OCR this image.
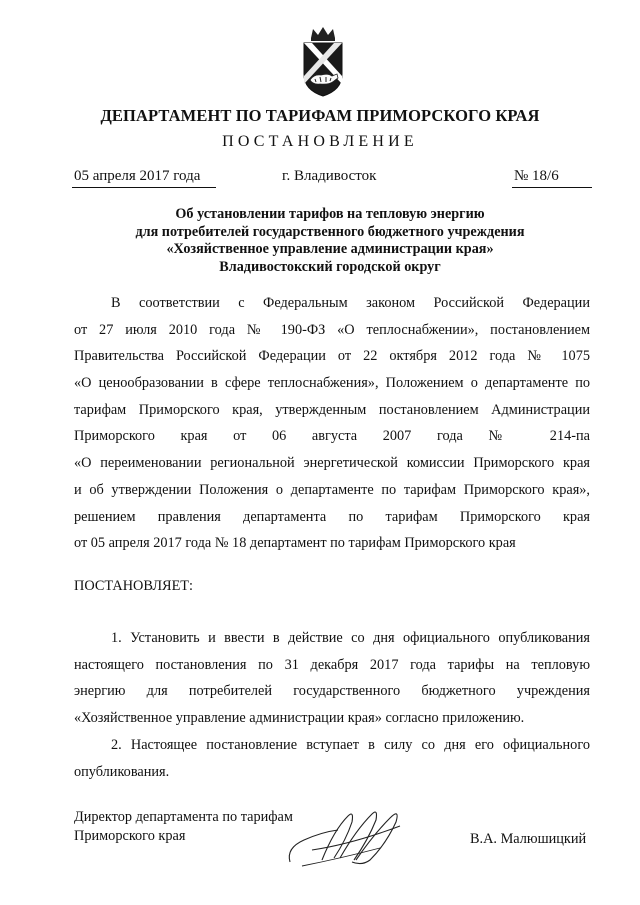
ДЕПАРТАМЕНТ ПО ТАРИФАМ ПРИМОРСКОГО КРАЯ
ПОСТАНОВЛЕНИЕ
05 апреля 2017 года	г. Владивосток	№ 18/6
Об установлении тарифов на тепловую энергию
для потребителей государственного бюджетного учреждения
«Хозяйственное управление администрации края»
Владивостокский городской округ
В соответствии с Федеральным законом Российской Федерации
от 27 июля 2010 года № 190-ФЗ «О теплоснабжении», постановлением
Правительства Российской Федерации от 22 октября 2012 года № 1075
«О ценообразовании в сфере теплоснабжения», Положением о департаменте по
тарифам Приморского края, утвержденным постановлением Администрации
Приморского края от 06 августа 2007 года № 214-па
«О переименовании региональной энергетической комиссии Приморского края
и об утверждении Положения о департаменте по тарифам Приморского края»,
решением правления департамента по тарифам Приморского края
от 05 апреля 2017 года № 18 департамент по тарифам Приморского края
ПОСТАНОВЛЯЕТ:
1. Установить и ввести в действие со дня официального опубликования
настоящего постановления по 31 декабря 2017 года тарифы на тепловую
энергию для потребителей государственного бюджетного учреждения
«Хозяйственное управление администрации края» согласно приложению.
2. Настоящее постановление вступает в силу со дня его официального
опубликования.
Директор департамента по тарифам
Приморского края	В.А. Малюшицкий
